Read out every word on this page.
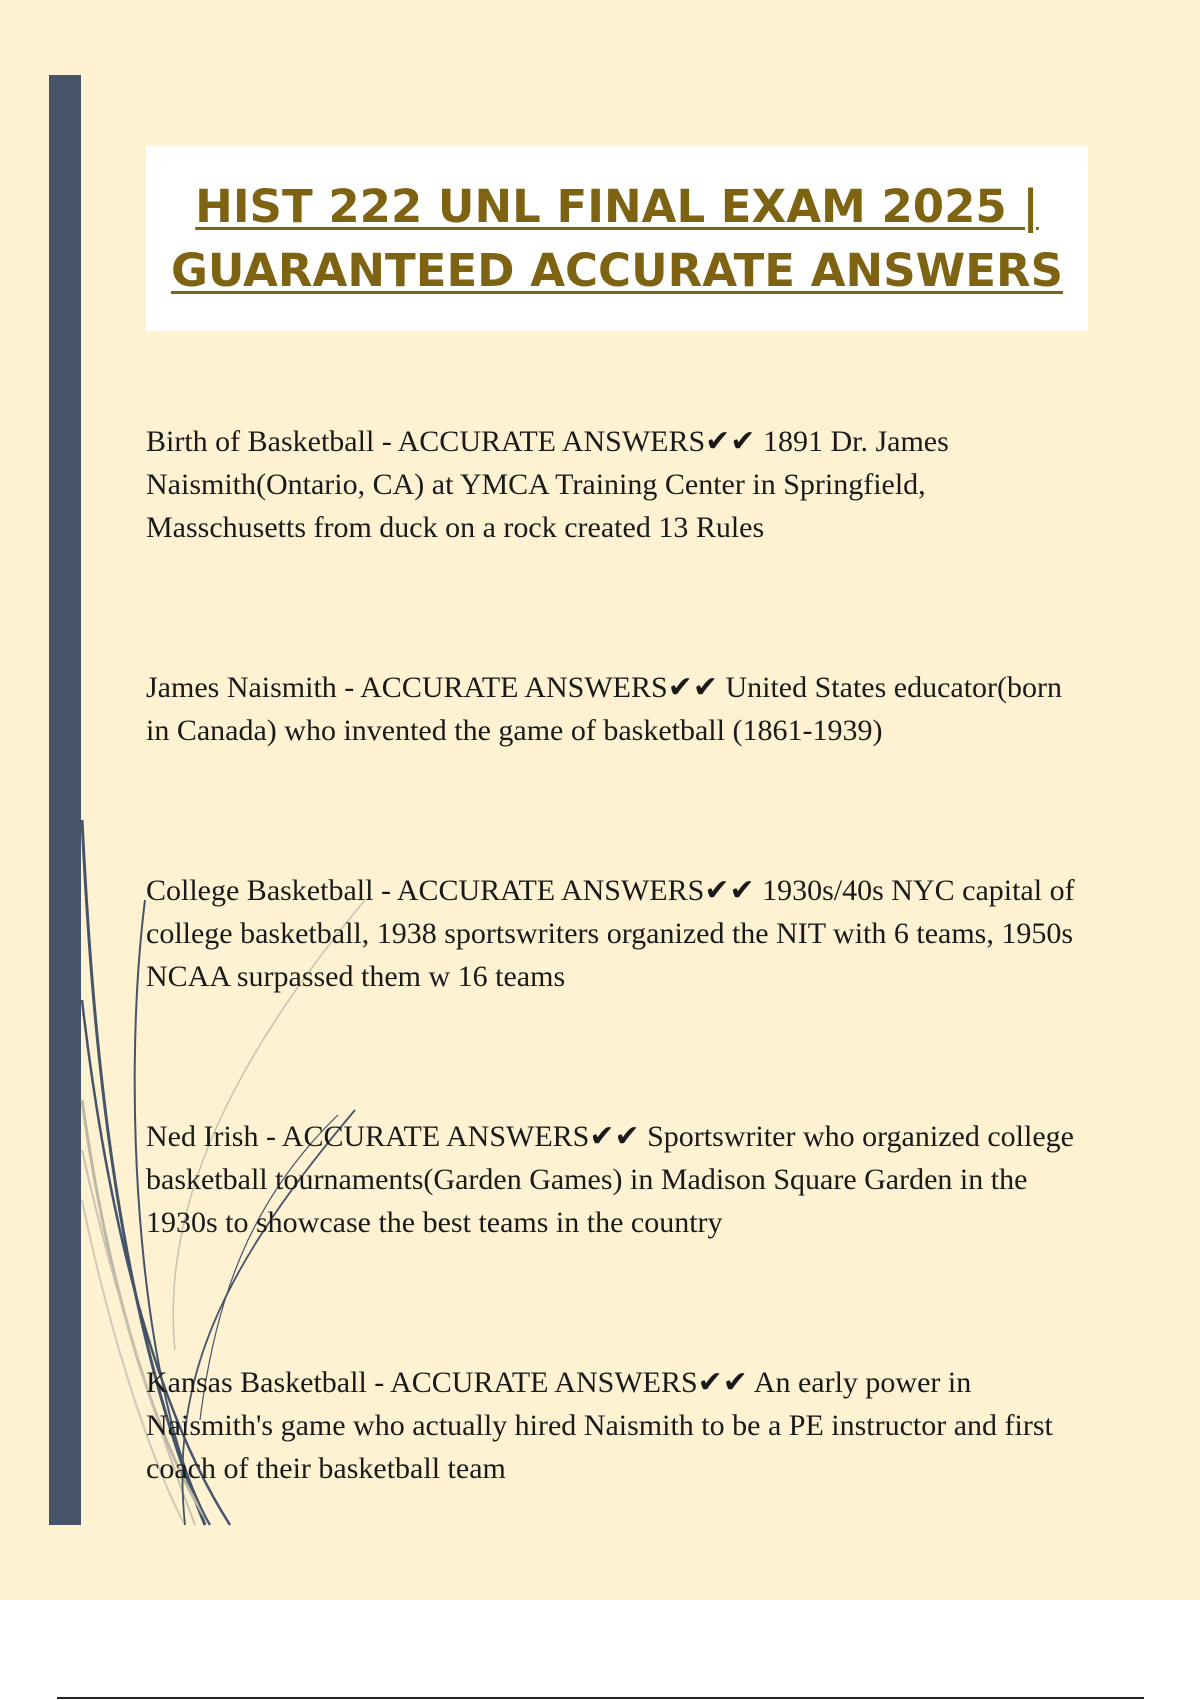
HIST 222 UNL FINAL EXAM 2025 | GUARANTEED ACCURATE ANSWERS

Birth of Basketball - ACCURATE ANSWERS✔✔ 1891 Dr. James Naismith(Ontario, CA) at YMCA Training Center in Springfield, Masschusetts from duck on a rock created 13 Rules

James Naismith - ACCURATE ANSWERS✔✔ United States educator(born in Canada) who invented the game of basketball (1861-1939)

College Basketball - ACCURATE ANSWERS✔✔ 1930s/40s NYC capital of college basketball, 1938 sportswriters organized the NIT with 6 teams, 1950s NCAA surpassed them w 16 teams

Ned Irish - ACCURATE ANSWERS✔✔ Sportswriter who organized college basketball tournaments(Garden Games) in Madison Square Garden in the 1930s to showcase the best teams in the country

Kansas Basketball - ACCURATE ANSWERS✔✔ An early power in Naismith's game who actually hired Naismith to be a PE instructor and first coach of their basketball team
